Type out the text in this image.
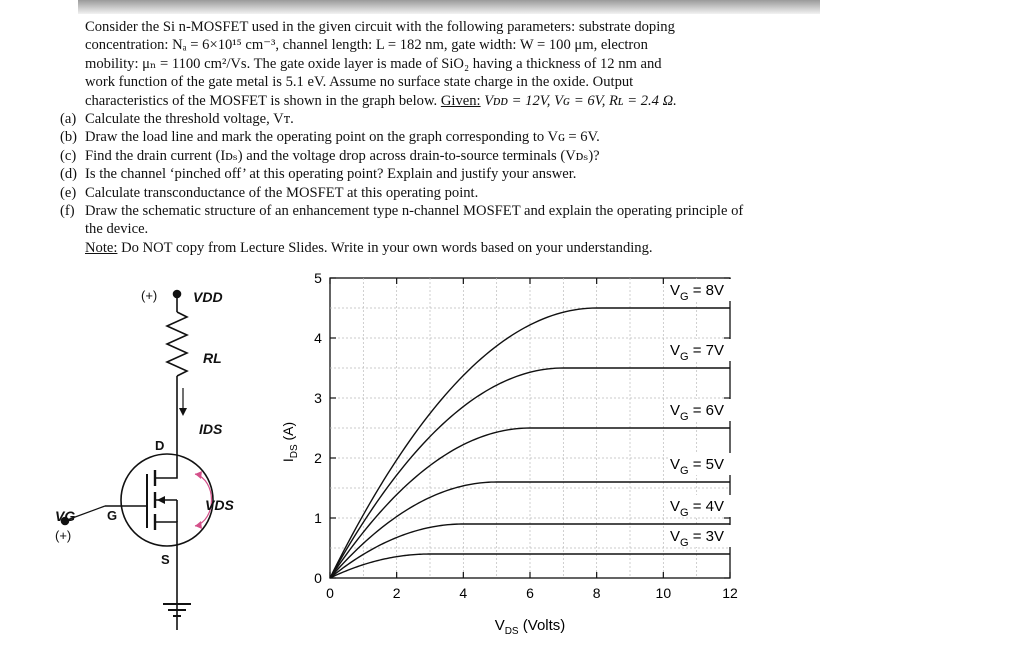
Consider the Si n-MOSFET used in the given circuit with the following parameters: substrate doping

concentration: Nₐ = 6×10¹⁵ cm⁻³, channel length: L = 182 nm, gate width: W = 100 μm, electron

mobility: μₙ = 1100 cm²/Vs. The gate oxide layer is made of SiO₂ having a thickness of 12 nm and

work function of the gate metal is 5.1 eV. Assume no surface state charge in the oxide. Output

characteristics of the MOSFET is shown in the graph below. Given: Vᴅᴅ = 12V, Vɢ = 6V, Rʟ = 2.4 Ω.

(a) Calculate the threshold voltage, Vᴛ.
(b) Draw the load line and mark the operating point on the graph corresponding to Vɢ = 6V.
(c) Find the drain current (Iᴅₛ) and the voltage drop across drain-to-source terminals (Vᴅₛ)?
(d) Is the channel ‘pinched off’ at this operating point? Explain and justify your answer.
(e) Calculate transconductance of the MOSFET at this operating point.
(f) Draw the schematic structure of an enhancement type n-channel MOSFET and explain the operating principle of the device.
Note: Do NOT copy from Lecture Slides. Write in your own words based on your understanding.
(+)	VDD
RL
IDS
VDS
D
G
S
VG
(+)
0	2	4	6	8	10	12
0
1
2
3
4
5
$V_G = 8V$
$V_G = 7V$
$V_G = 6V$
$V_G = 5V$
$V_G = 4V$
$V_G = 3V$
$I_{DS}$ (A)
$V_{DS}$ (Volts)
